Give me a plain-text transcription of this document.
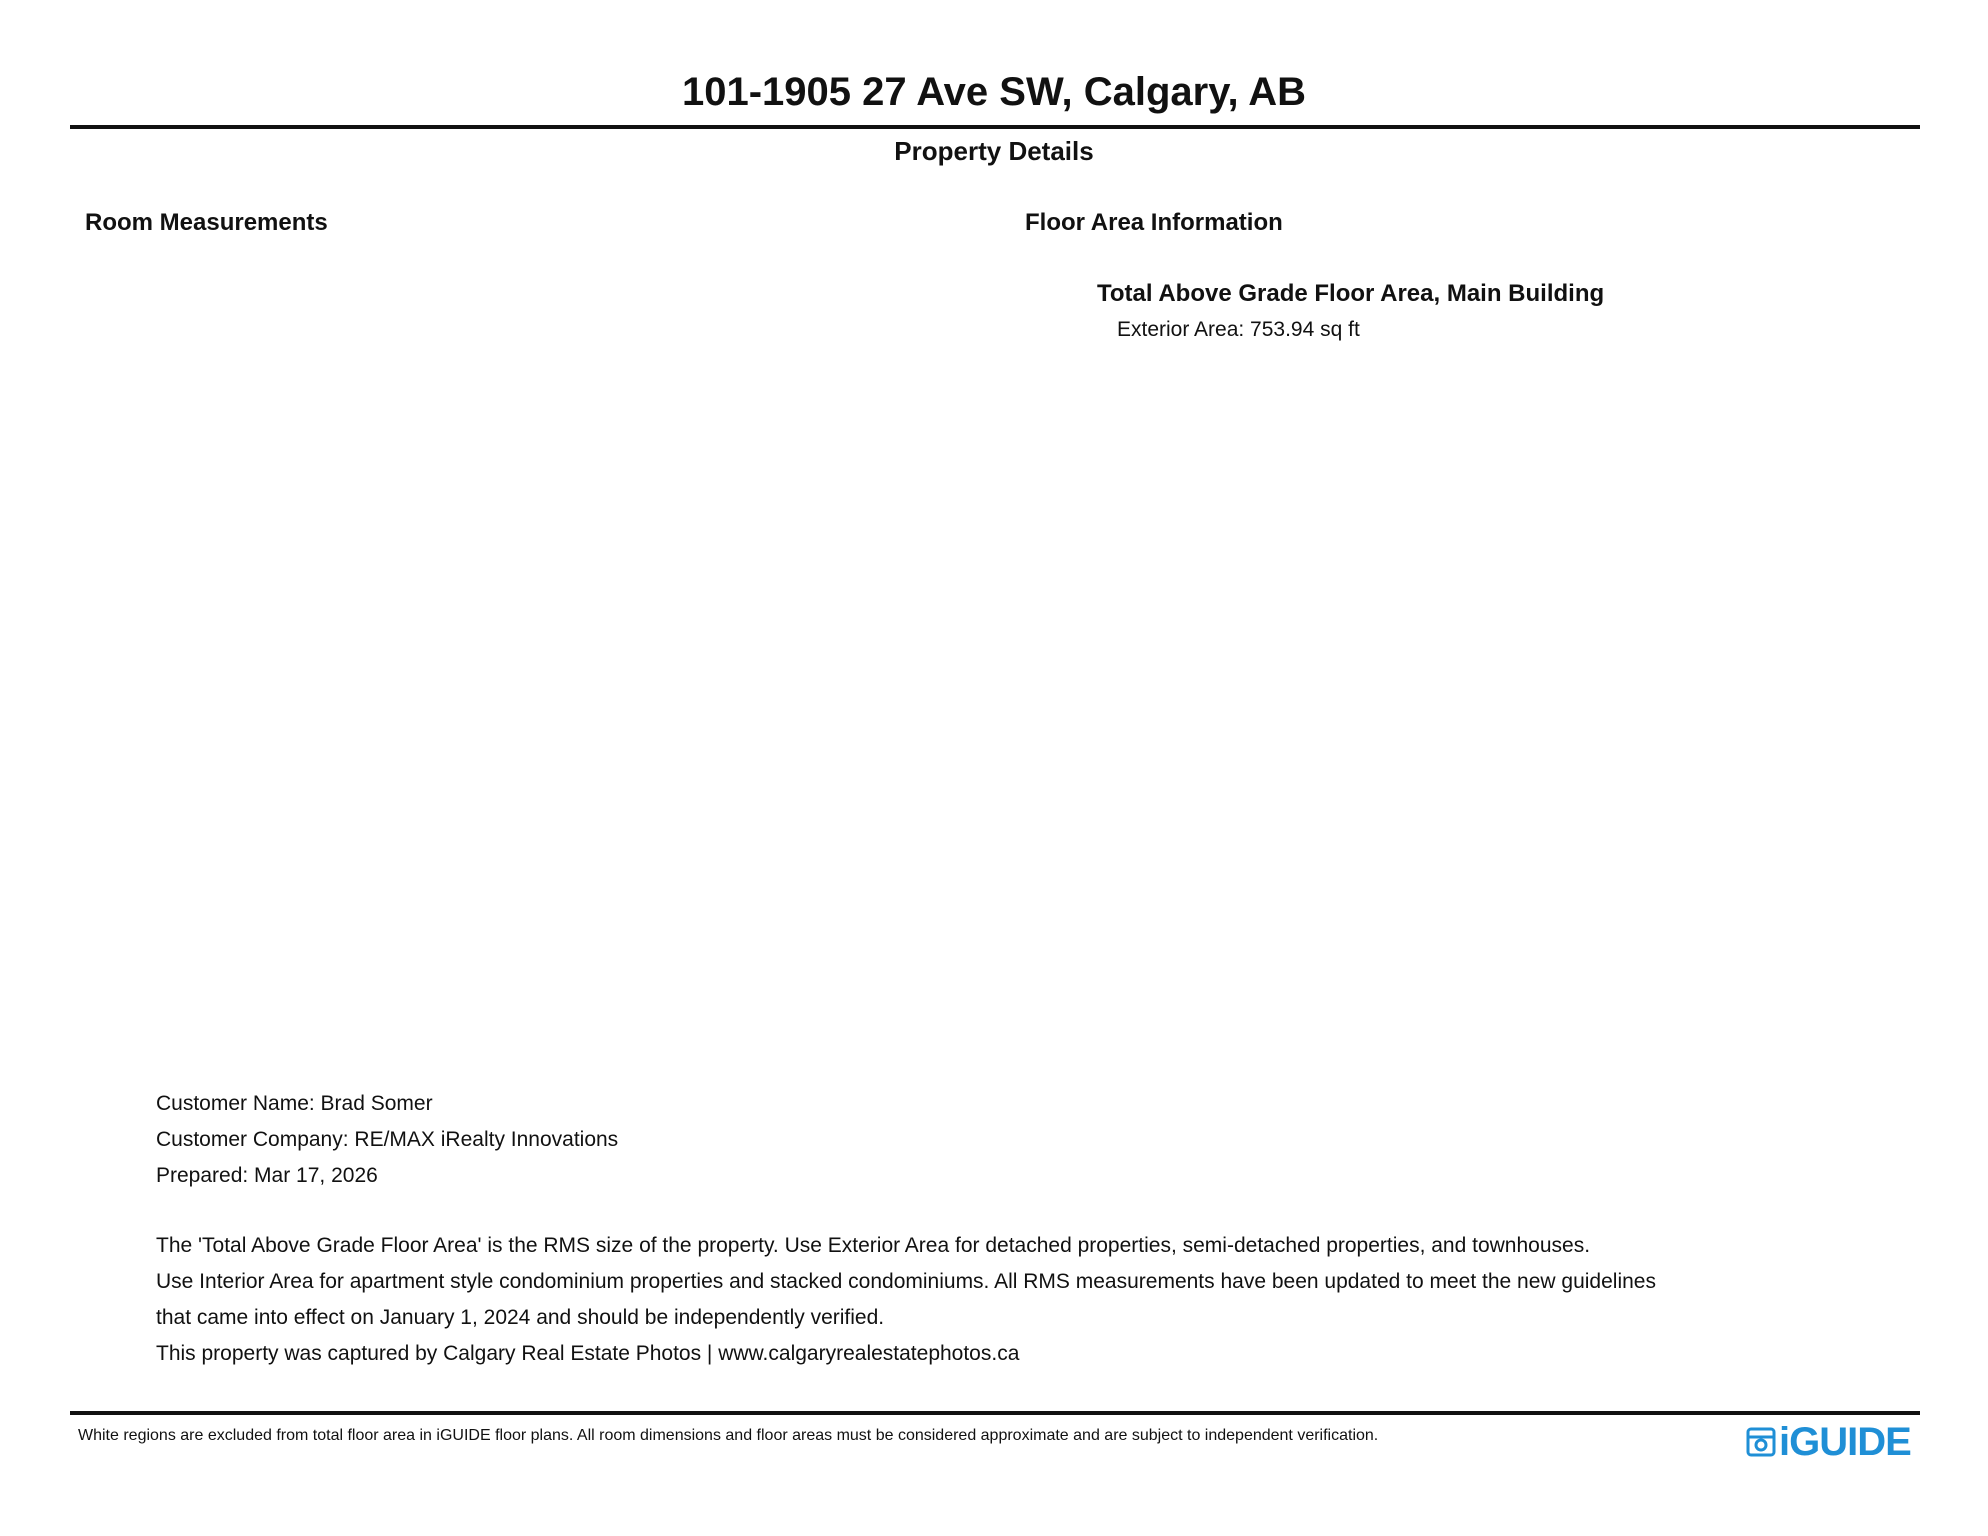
101-1905 27 Ave SW, Calgary, AB
Property Details
Room Measurements	Floor Area Information
Total Above Grade Floor Area, Main Building
Exterior Area: 753.94 sq ft
Customer Name: Brad Somer
Customer Company: RE/MAX iRealty Innovations
Prepared: Mar 17, 2026
The 'Total Above Grade Floor Area' is the RMS size of the property. Use Exterior Area for detached properties, semi-detached properties, and townhouses.
Use Interior Area for apartment style condominium properties and stacked condominiums. All RMS measurements have been updated to meet the new guidelines
that came into effect on January 1, 2024 and should be independently verified.
This property was captured by Calgary Real Estate Photos | www.calgaryrealestatephotos.ca
White regions are excluded from total floor area in iGUIDE floor plans. All room dimensions and floor areas must be considered approximate and are subject to independent verification.	iGUIDE
